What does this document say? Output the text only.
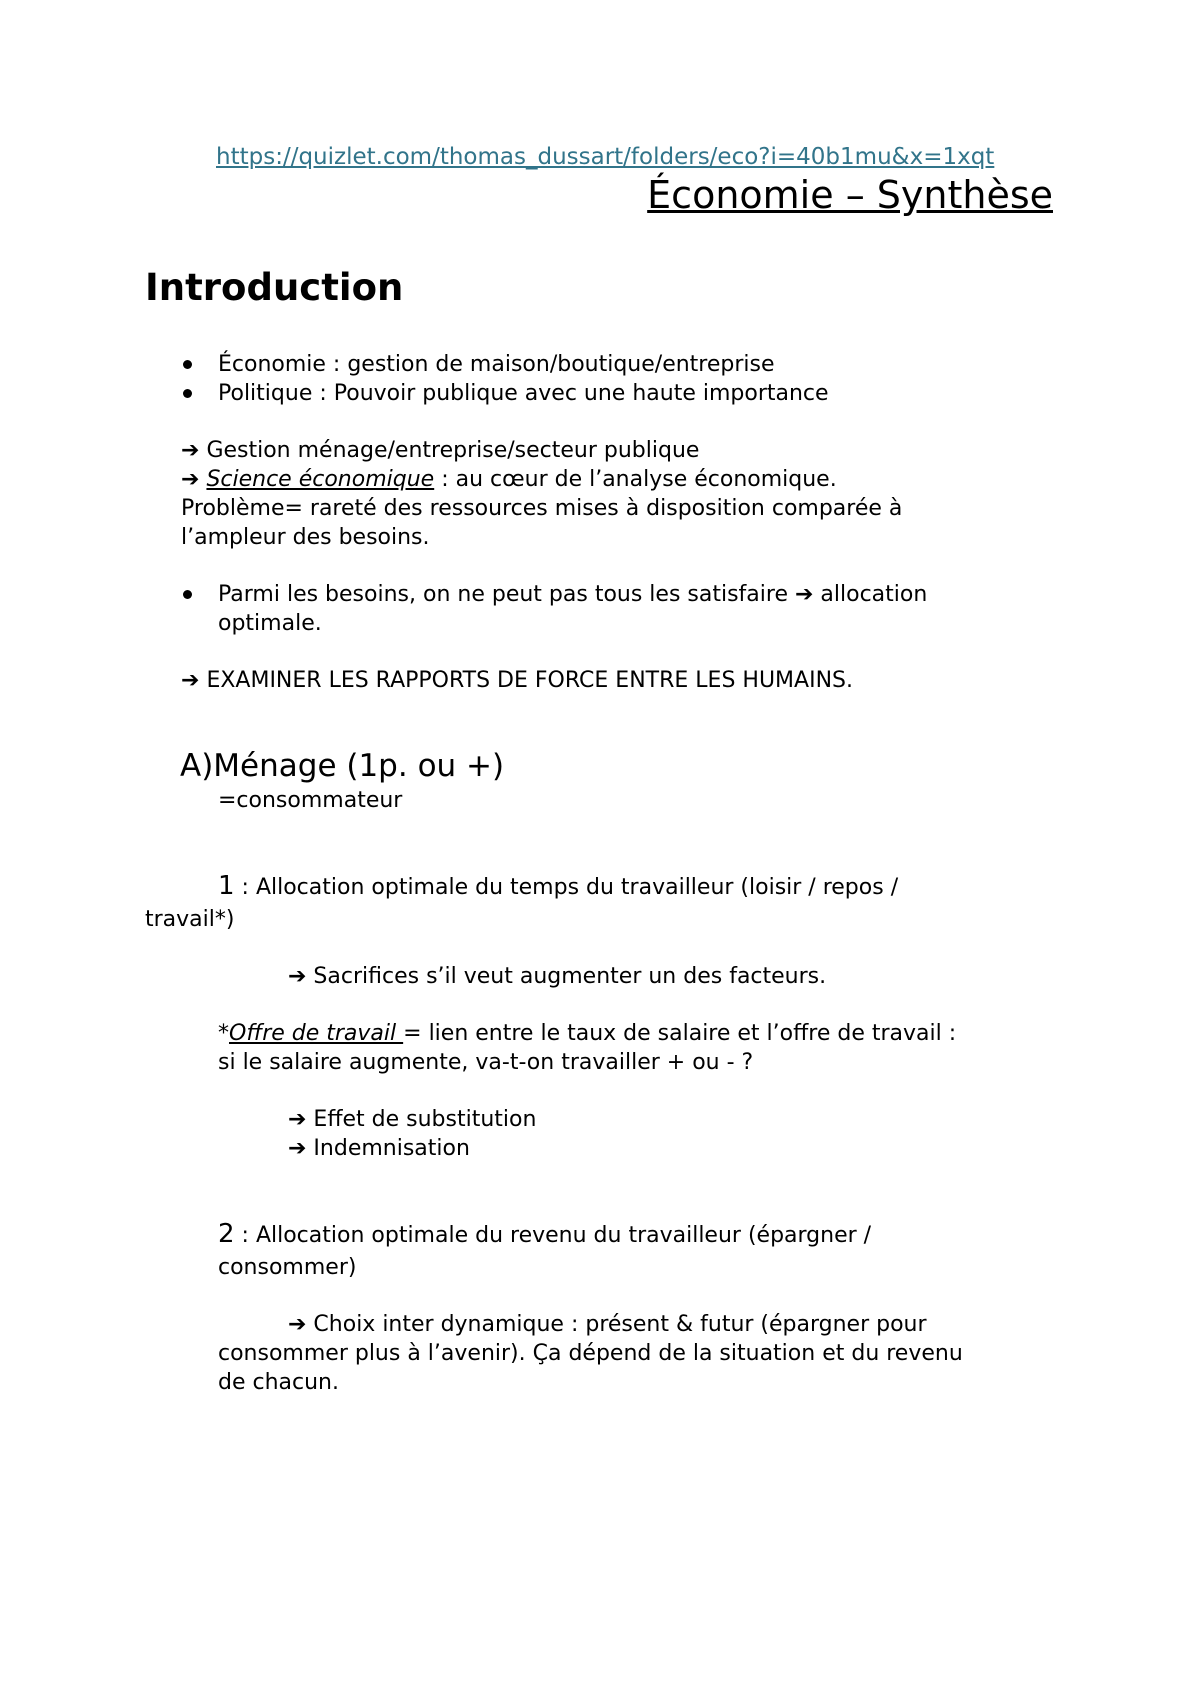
https://quizlet.com/thomas_dussart/folders/eco?i=40b1mu&x=1xqt
Économie – Synthèse
Introduction
Économie : gestion de maison/boutique/entreprise
Politique : Pouvoir publique avec une haute importance
➔ Gestion ménage/entreprise/secteur publique
➔ Science économique : au cœur de l’analyse économique.
Problème= rareté des ressources mises à disposition comparée à
l’ampleur des besoins.
Parmi les besoins, on ne peut pas tous les satisfaire ➔ allocation
optimale.
➔ EXAMINER LES RAPPORTS DE FORCE ENTRE LES HUMAINS.
A)Ménage (1p. ou +)
=consommateur
1 : Allocation optimale du temps du travailleur (loisir / repos /
travail*)
➔ Sacrifices s’il veut augmenter un des facteurs.
*Offre de travail = lien entre le taux de salaire et l’offre de travail :
si le salaire augmente, va-t-on travailler + ou - ?
➔ Effet de substitution
➔ Indemnisation
2 : Allocation optimale du revenu du travailleur (épargner /
consommer)
➔ Choix inter dynamique : présent & futur (épargner pour
consommer plus à l’avenir). Ça dépend de la situation et du revenu
de chacun.
